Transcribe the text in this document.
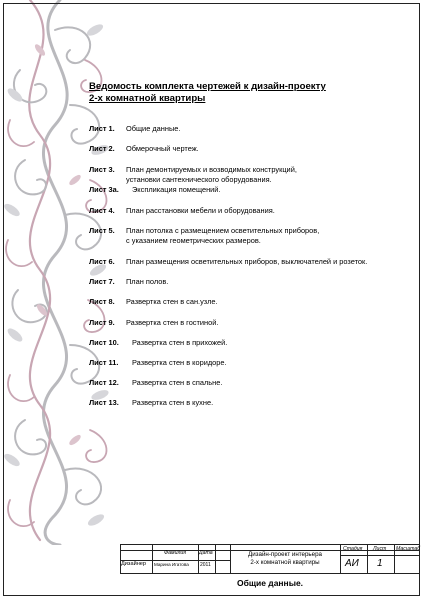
Ведомость комплекта чертежей к дизайн-проекту
2-х комнатной квартиры
Лист 1. Общие данные.
Лист 2. Обмерочный чертеж.
Лист 3. План демонтируемых и возводимых конструкций,
установки сантехнического оборудования.
Лист 3а. Экспликация помещений.
Лист 4. План расстановки мебели и оборудования.
Лист 5. План потолка с размещением осветительных приборов,
с указанием геометрических размеров.
Лист 6. План размещения осветительных приборов, выключателей и розеток.
Лист 7. План полов.
Лист 8. Развертка стен в сан.узле.
Лист 9. Развертка стен в гостиной.
Лист 10. Развертка стен в прихожей.
Лист 11. Развертка стен в коридоре.
Лист 12. Развертка стен в спальне.
Лист 13. Развертка стен в кухне.
Фамилия Дата
Дизайнер Марина Игатова 2011
Дизайн-проект интерьера
2-х комнатной квартиры
Стадия Лист Масштаб
АИ 1
Общие данные.
